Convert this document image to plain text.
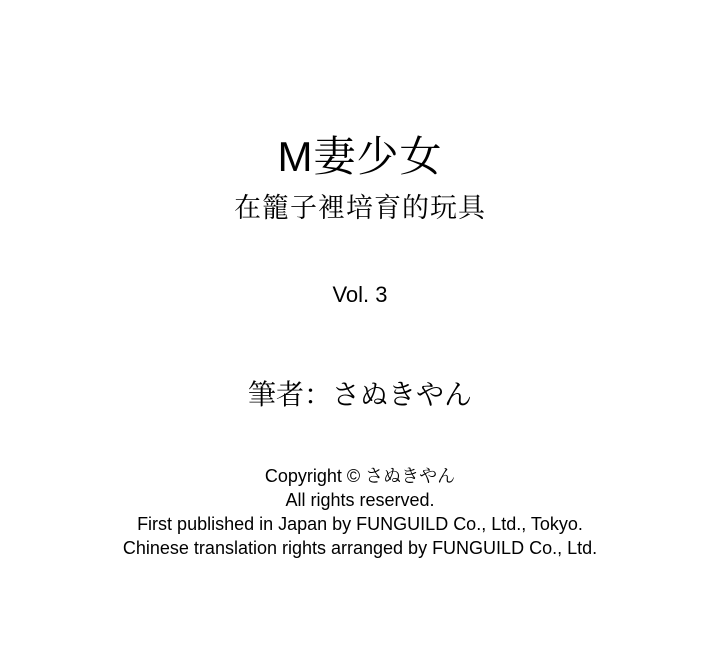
M妻少女
在籠子裡培育的玩具
Vol. 3
筆者：さぬきやん
Copyright © さぬきやん
All rights reserved.
First published in Japan by FUNGUILD Co., Ltd., Tokyo.
Chinese translation rights arranged by FUNGUILD Co., Ltd.
